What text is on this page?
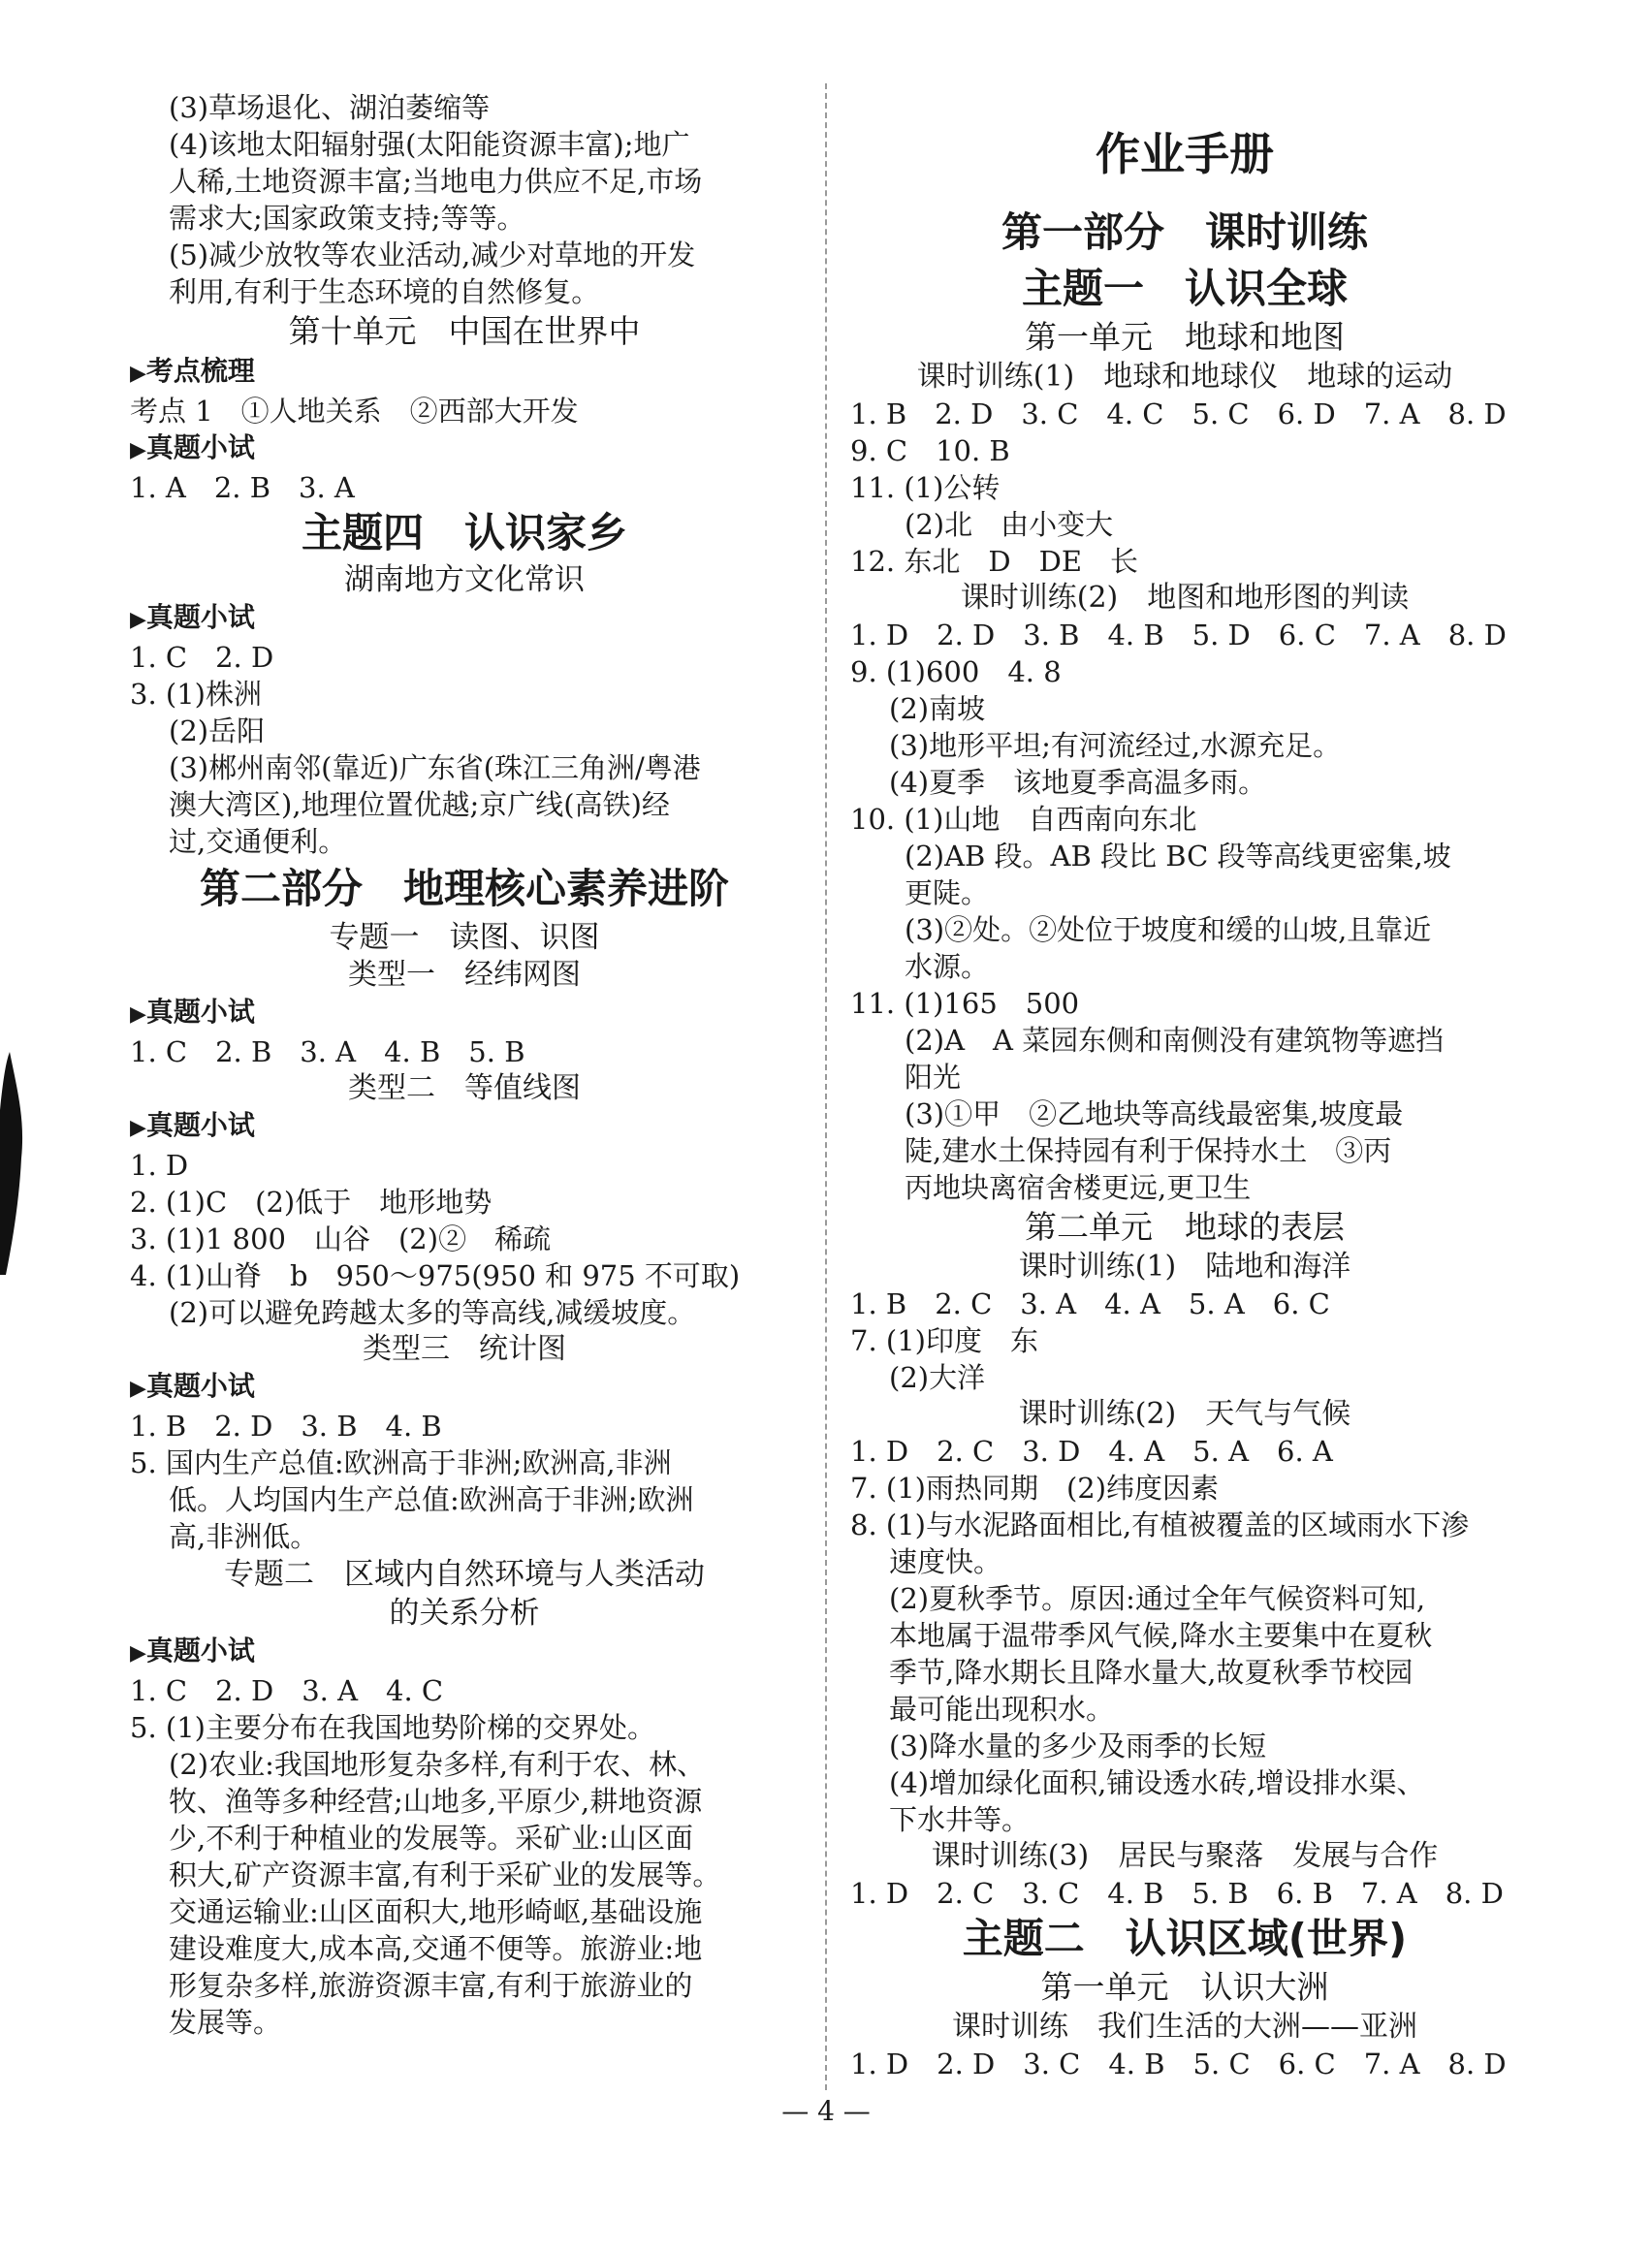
(3)草场退化、湖泊萎缩等
(4)该地太阳辐射强(太阳能资源丰富);地广
人稀,土地资源丰富;当地电力供应不足,市场
需求大;国家政策支持;等等。
(5)减少放牧等农业活动,减少对草地的开发
利用,有利于生态环境的自然修复。
第十单元　中国在世界中
▶考点梳理
考点 1　①人地关系　②西部大开发
▶真题小试
1. A　2. B　3. A
主题四　认识家乡
湖南地方文化常识
▶真题小试
1. C　2. D
3. (1)株洲
(2)岳阳
(3)郴州南邻(靠近)广东省(珠江三角洲/粤港
澳大湾区),地理位置优越;京广线(高铁)经
过,交通便利。
第二部分　地理核心素养进阶
专题一　读图、识图
类型一　经纬网图
▶真题小试
1. C　2. B　3. A　4. B　5. B
类型二　等值线图
▶真题小试
1. D
2. (1)C　(2)低于　地形地势
3. (1)1 800　山谷　(2)②　稀疏
4. (1)山脊　b　950～975(950 和 975 不可取)
(2)可以避免跨越太多的等高线,减缓坡度。
类型三　统计图
▶真题小试
1. B　2. D　3. B　4. B
5. 国内生产总值:欧洲高于非洲;欧洲高,非洲
低。人均国内生产总值:欧洲高于非洲;欧洲
高,非洲低。
专题二　区域内自然环境与人类活动
的关系分析
▶真题小试
1. C　2. D　3. A　4. C
5. (1)主要分布在我国地势阶梯的交界处。
(2)农业:我国地形复杂多样,有利于农、林、
牧、渔等多种经营;山地多,平原少,耕地资源
少,不利于种植业的发展等。采矿业:山区面
积大,矿产资源丰富,有利于采矿业的发展等。
交通运输业:山区面积大,地形崎岖,基础设施
建设难度大,成本高,交通不便等。旅游业:地
形复杂多样,旅游资源丰富,有利于旅游业的
发展等。
作业手册
第一部分　课时训练
主题一　认识全球
第一单元　地球和地图
课时训练(1)　地球和地球仪　地球的运动
1. B　2. D　3. C　4. C　5. C　6. D　7. A　8. D
9. C　10. B
11. (1)公转
(2)北　由小变大
12. 东北　D　DE　长
课时训练(2)　地图和地形图的判读
1. D　2. D　3. B　4. B　5. D　6. C　7. A　8. D
9. (1)600　4. 8
(2)南坡
(3)地形平坦;有河流经过,水源充足。
(4)夏季　该地夏季高温多雨。
10. (1)山地　自西南向东北
(2)AB 段。AB 段比 BC 段等高线更密集,坡
更陡。
(3)②处。②处位于坡度和缓的山坡,且靠近
水源。
11. (1)165　500
(2)A　A 菜园东侧和南侧没有建筑物等遮挡
阳光
(3)①甲　②乙地块等高线最密集,坡度最
陡,建水土保持园有利于保持水土　③丙
丙地块离宿舍楼更远,更卫生
第二单元　地球的表层
课时训练(1)　陆地和海洋
1. B　2. C　3. A　4. A　5. A　6. C
7. (1)印度　东
(2)大洋
课时训练(2)　天气与气候
1. D　2. C　3. D　4. A　5. A　6. A
7. (1)雨热同期　(2)纬度因素
8. (1)与水泥路面相比,有植被覆盖的区域雨水下渗
速度快。
(2)夏秋季节。原因:通过全年气候资料可知,
本地属于温带季风气候,降水主要集中在夏秋
季节,降水期长且降水量大,故夏秋季节校园
最可能出现积水。
(3)降水量的多少及雨季的长短
(4)增加绿化面积,铺设透水砖,增设排水渠、
下水井等。
课时训练(3)　居民与聚落　发展与合作
1. D　2. C　3. C　4. B　5. B　6. B　7. A　8. D
主题二　认识区域(世界)
第一单元　认识大洲
课时训练　我们生活的大洲——亚洲
1. D　2. D　3. C　4. B　5. C　6. C　7. A　8. D
— 4 —
